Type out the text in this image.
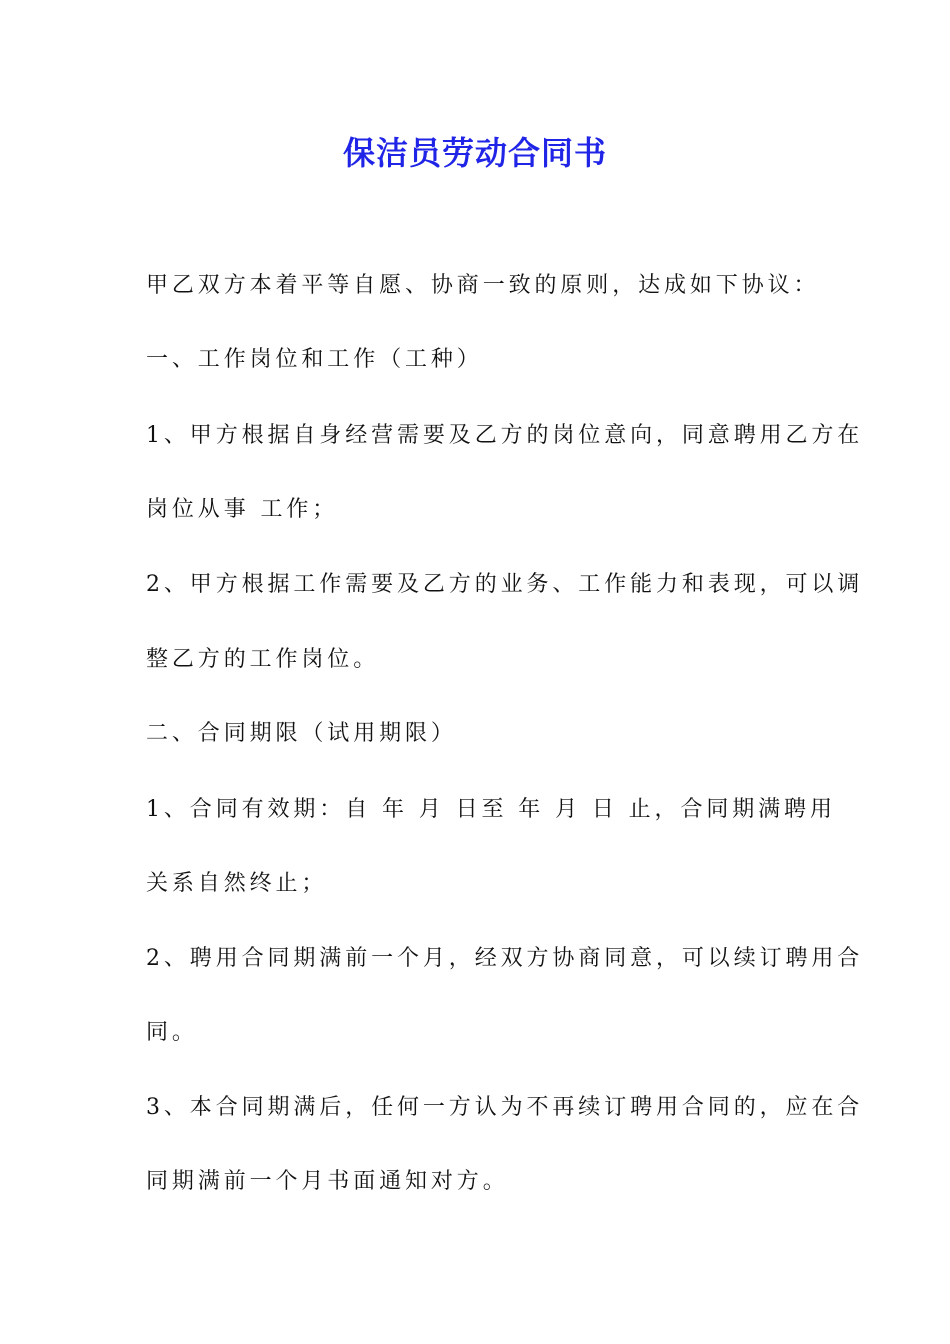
保洁员劳动合同书
甲乙双方本着平等自愿、协商一致的原则，达成如下协议：
一、工作岗位和工作（工种）
1、甲方根据自身经营需要及乙方的岗位意向，同意聘用乙方在
岗位从事 工作；
2、甲方根据工作需要及乙方的业务、工作能力和表现，可以调
整乙方的工作岗位。
二、合同期限（试用期限）
1、合同有效期：自 年 月 日至 年 月 日 止，合同期满聘用
关系自然终止；
2、聘用合同期满前一个月，经双方协商同意，可以续订聘用合
同。
3、本合同期满后，任何一方认为不再续订聘用合同的，应在合
同期满前一个月书面通知对方。
